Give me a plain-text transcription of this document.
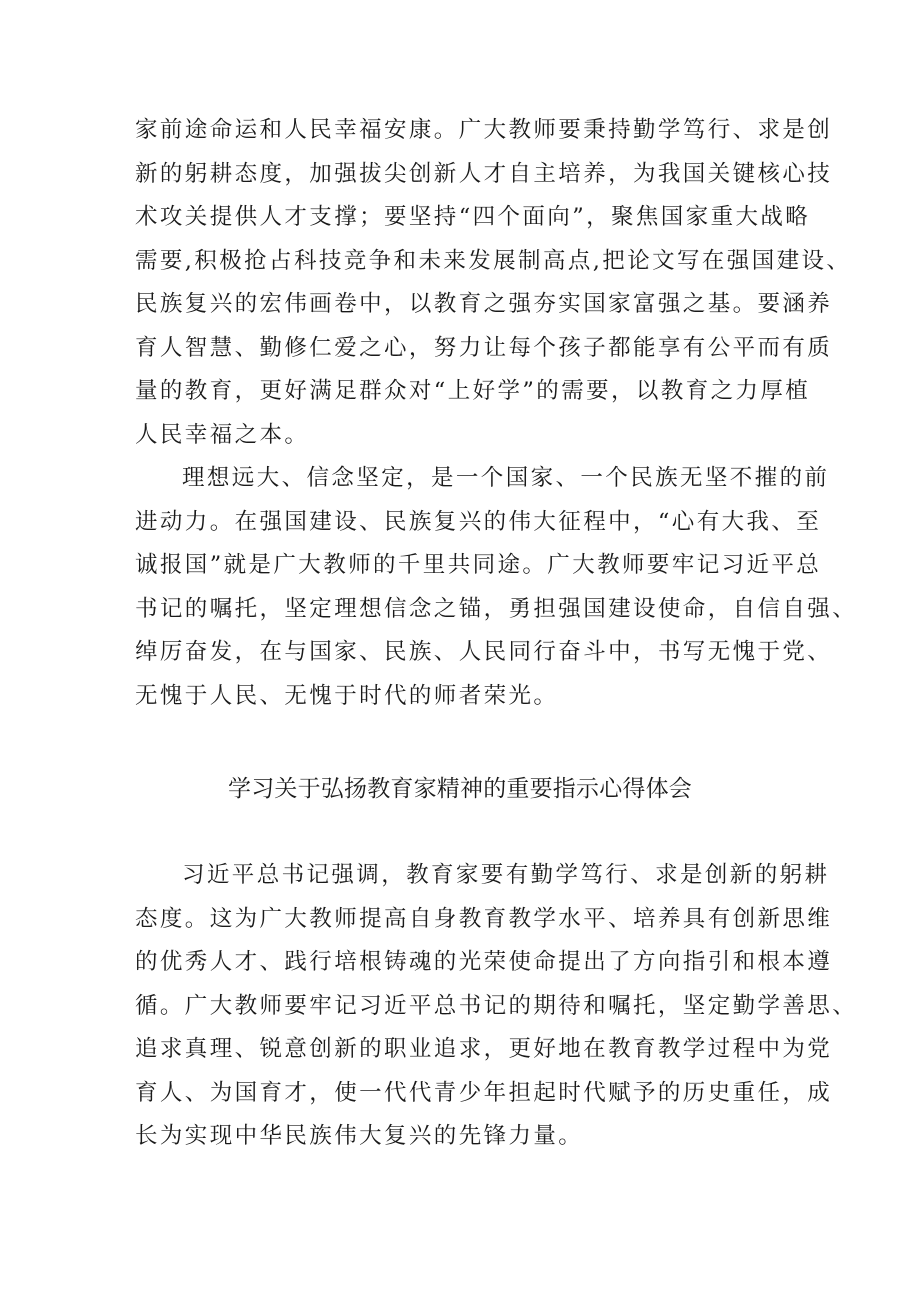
家前途命运和人民幸福安康。广大教师要秉持勤学笃行、求是创
新的躬耕态度，加强拔尖创新人才自主培养，为我国关键核心技
术攻关提供人才支撑；要坚持“四个面向”，聚焦国家重大战略
需要,积极抢占科技竞争和未来发展制高点,把论文写在强国建设、
民族复兴的宏伟画卷中，以教育之强夯实国家富强之基。要涵养
育人智慧、勤修仁爱之心，努力让每个孩子都能享有公平而有质
量的教育，更好满足群众对“上好学”的需要，以教育之力厚植
人民幸福之本。
理想远大、信念坚定，是一个国家、一个民族无坚不摧的前
进动力。在强国建设、民族复兴的伟大征程中，“心有大我、至
诚报国”就是广大教师的千里共同途。广大教师要牢记习近平总
书记的嘱托，坚定理想信念之锚，勇担强国建设使命，自信自强、
绰厉奋发，在与国家、民族、人民同行奋斗中，书写无愧于党、
无愧于人民、无愧于时代的师者荣光。
学习关于弘扬教育家精神的重要指示心得体会
习近平总书记强调，教育家要有勤学笃行、求是创新的躬耕
态度。这为广大教师提高自身教育教学水平、培养具有创新思维
的优秀人才、践行培根铸魂的光荣使命提出了方向指引和根本遵
循。广大教师要牢记习近平总书记的期待和嘱托，坚定勤学善思、
追求真理、锐意创新的职业追求，更好地在教育教学过程中为党
育人、为国育才，使一代代青少年担起时代赋予的历史重任，成
长为实现中华民族伟大复兴的先锋力量。
